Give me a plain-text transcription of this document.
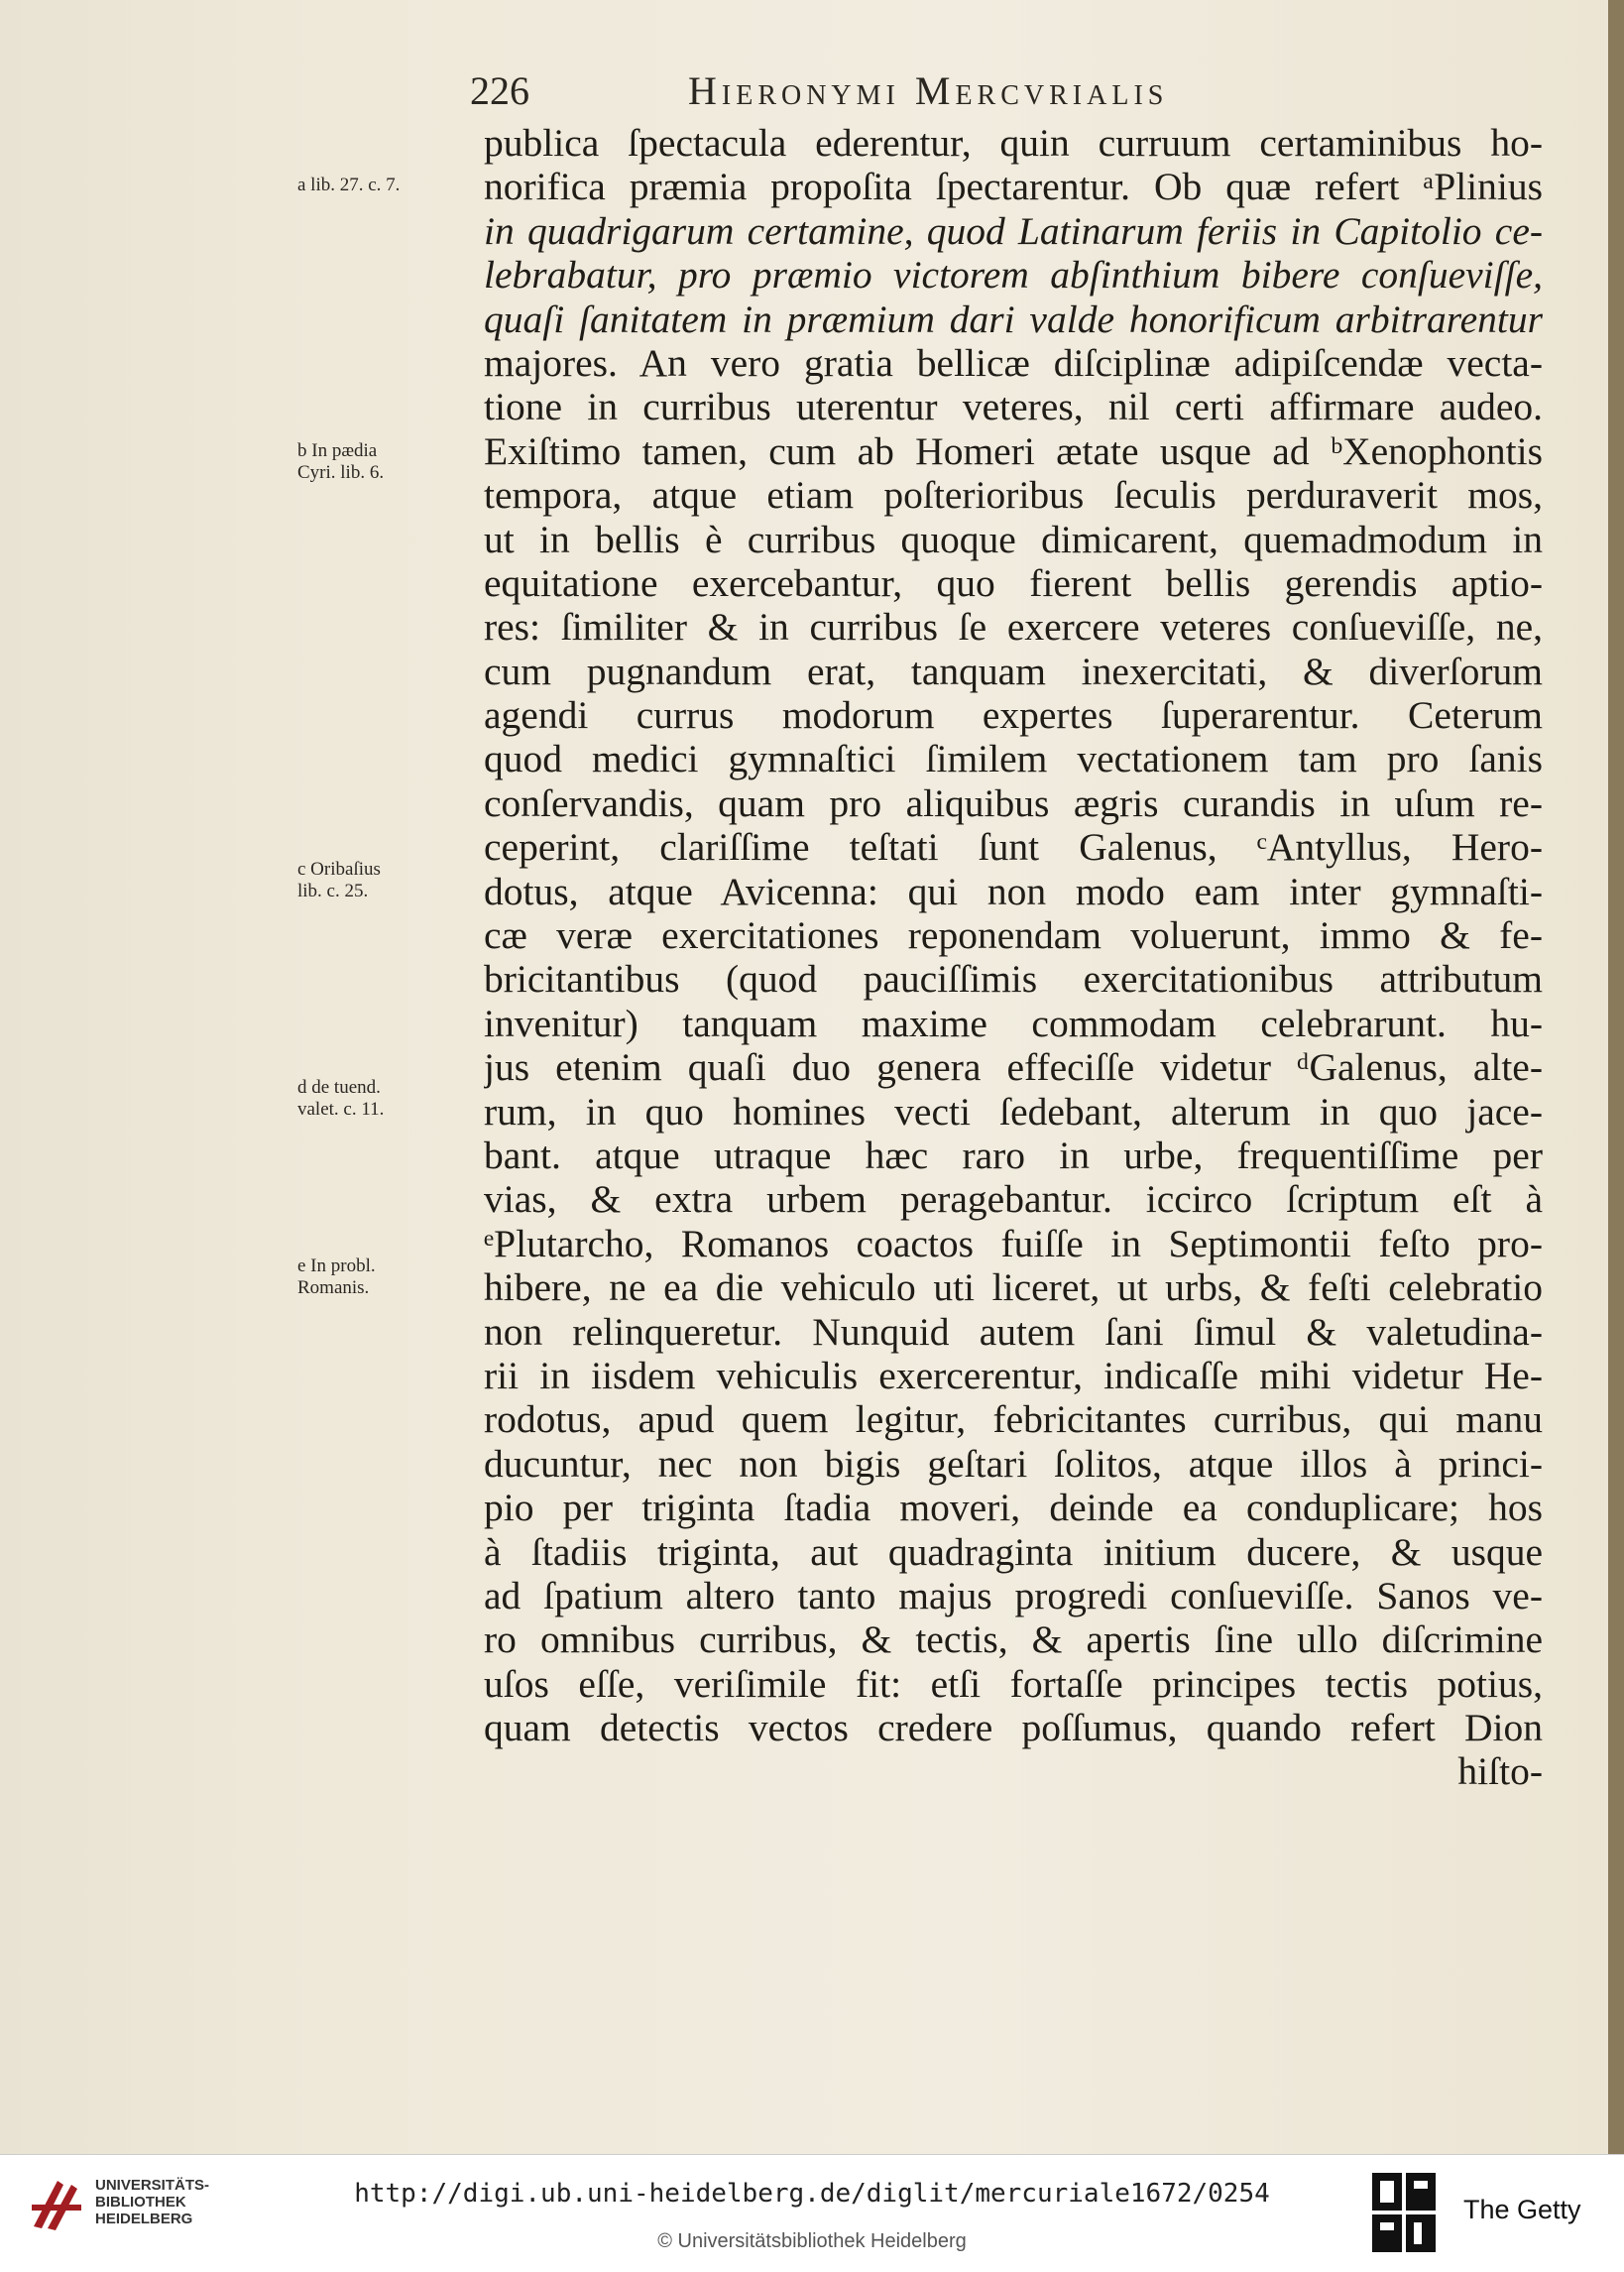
226	Hieronymi Mercvrialis
publica ſpectacula ederentur, quin curruum certaminibus ho-
norifica præmia propoſita ſpectarentur. Ob quæ refert ᵃPlinius
in quadrigarum certamine, quod Latinarum feriis in Capitolio ce-
lebrabatur, pro præmio victorem abſinthium bibere conſueviſſe,
quaſi ſanitatem in præmium dari valde honorificum arbitrarentur
majores. An vero gratia bellicæ diſciplinæ adipiſcendæ vecta-
tione in curribus uterentur veteres, nil certi affirmare audeo.
Exiſtimo tamen, cum ab Homeri ætate usque ad ᵇXenophontis
tempora, atque etiam poſterioribus ſeculis perduraverit mos,
ut in bellis è curribus quoque dimicarent, quemadmodum in
equitatione exercebantur, quo fierent bellis gerendis aptio-
res: ſimiliter & in curribus ſe exercere veteres conſueviſſe, ne,
cum pugnandum erat, tanquam inexercitati, & diverſorum
agendi currus modorum expertes ſuperarentur. Ceterum
quod medici gymnaſtici ſimilem vectationem tam pro ſanis
conſervandis, quam pro aliquibus ægris curandis in uſum re-
ceperint, clariſſime teſtati ſunt Galenus, ᶜAntyllus, Hero-
dotus, atque Avicenna: qui non modo eam inter gymnaſti-
cæ veræ exercitationes reponendam voluerunt, immo & fe-
bricitantibus (quod pauciſſimis exercitationibus attributum
invenitur) tanquam maxime commodam celebrarunt. hu-
jus etenim quaſi duo genera effeciſſe videtur ᵈGalenus, alte-
rum, in quo homines vecti ſedebant, alterum in quo jace-
bant. atque utraque hæc raro in urbe, frequentiſſime per
vias, & extra urbem peragebantur. iccirco ſcriptum eſt à
ᵉPlutarcho, Romanos coactos fuiſſe in Septimontii feſto pro-
hibere, ne ea die vehiculo uti liceret, ut urbs, & feſti celebratio
non relinqueretur. Nunquid autem ſani ſimul & valetudina-
rii in iisdem vehiculis exercerentur, indicaſſe mihi videtur He-
rodotus, apud quem legitur, febricitantes curribus, qui manu
ducuntur, nec non bigis geſtari ſolitos, atque illos à princi-
pio per triginta ſtadia moveri, deinde ea conduplicare; hos
à ſtadiis triginta, aut quadraginta initium ducere, & usque
ad ſpatium altero tanto majus progredi conſueviſſe. Sanos ve-
ro omnibus curribus, & tectis, & apertis ſine ullo diſcrimine
uſos eſſe, veriſimile fit: etſi fortaſſe principes tectis potius,
quam detectis vectos credere poſſumus, quando refert Dion
hiſto-
a lib. 27. c. 7.
b In pædia
Cyri. lib. 6.
c Oribaſius
lib. c. 25.
d de tuend.
valet. c. 11.
e In probl.
Romanis.
UNIVERSITÄTS-
BIBLIOTHEK
HEIDELBERG
http://digi.ub.uni-heidelberg.de/diglit/mercuriale1672/0254
© Universitätsbibliothek Heidelberg
The Getty
